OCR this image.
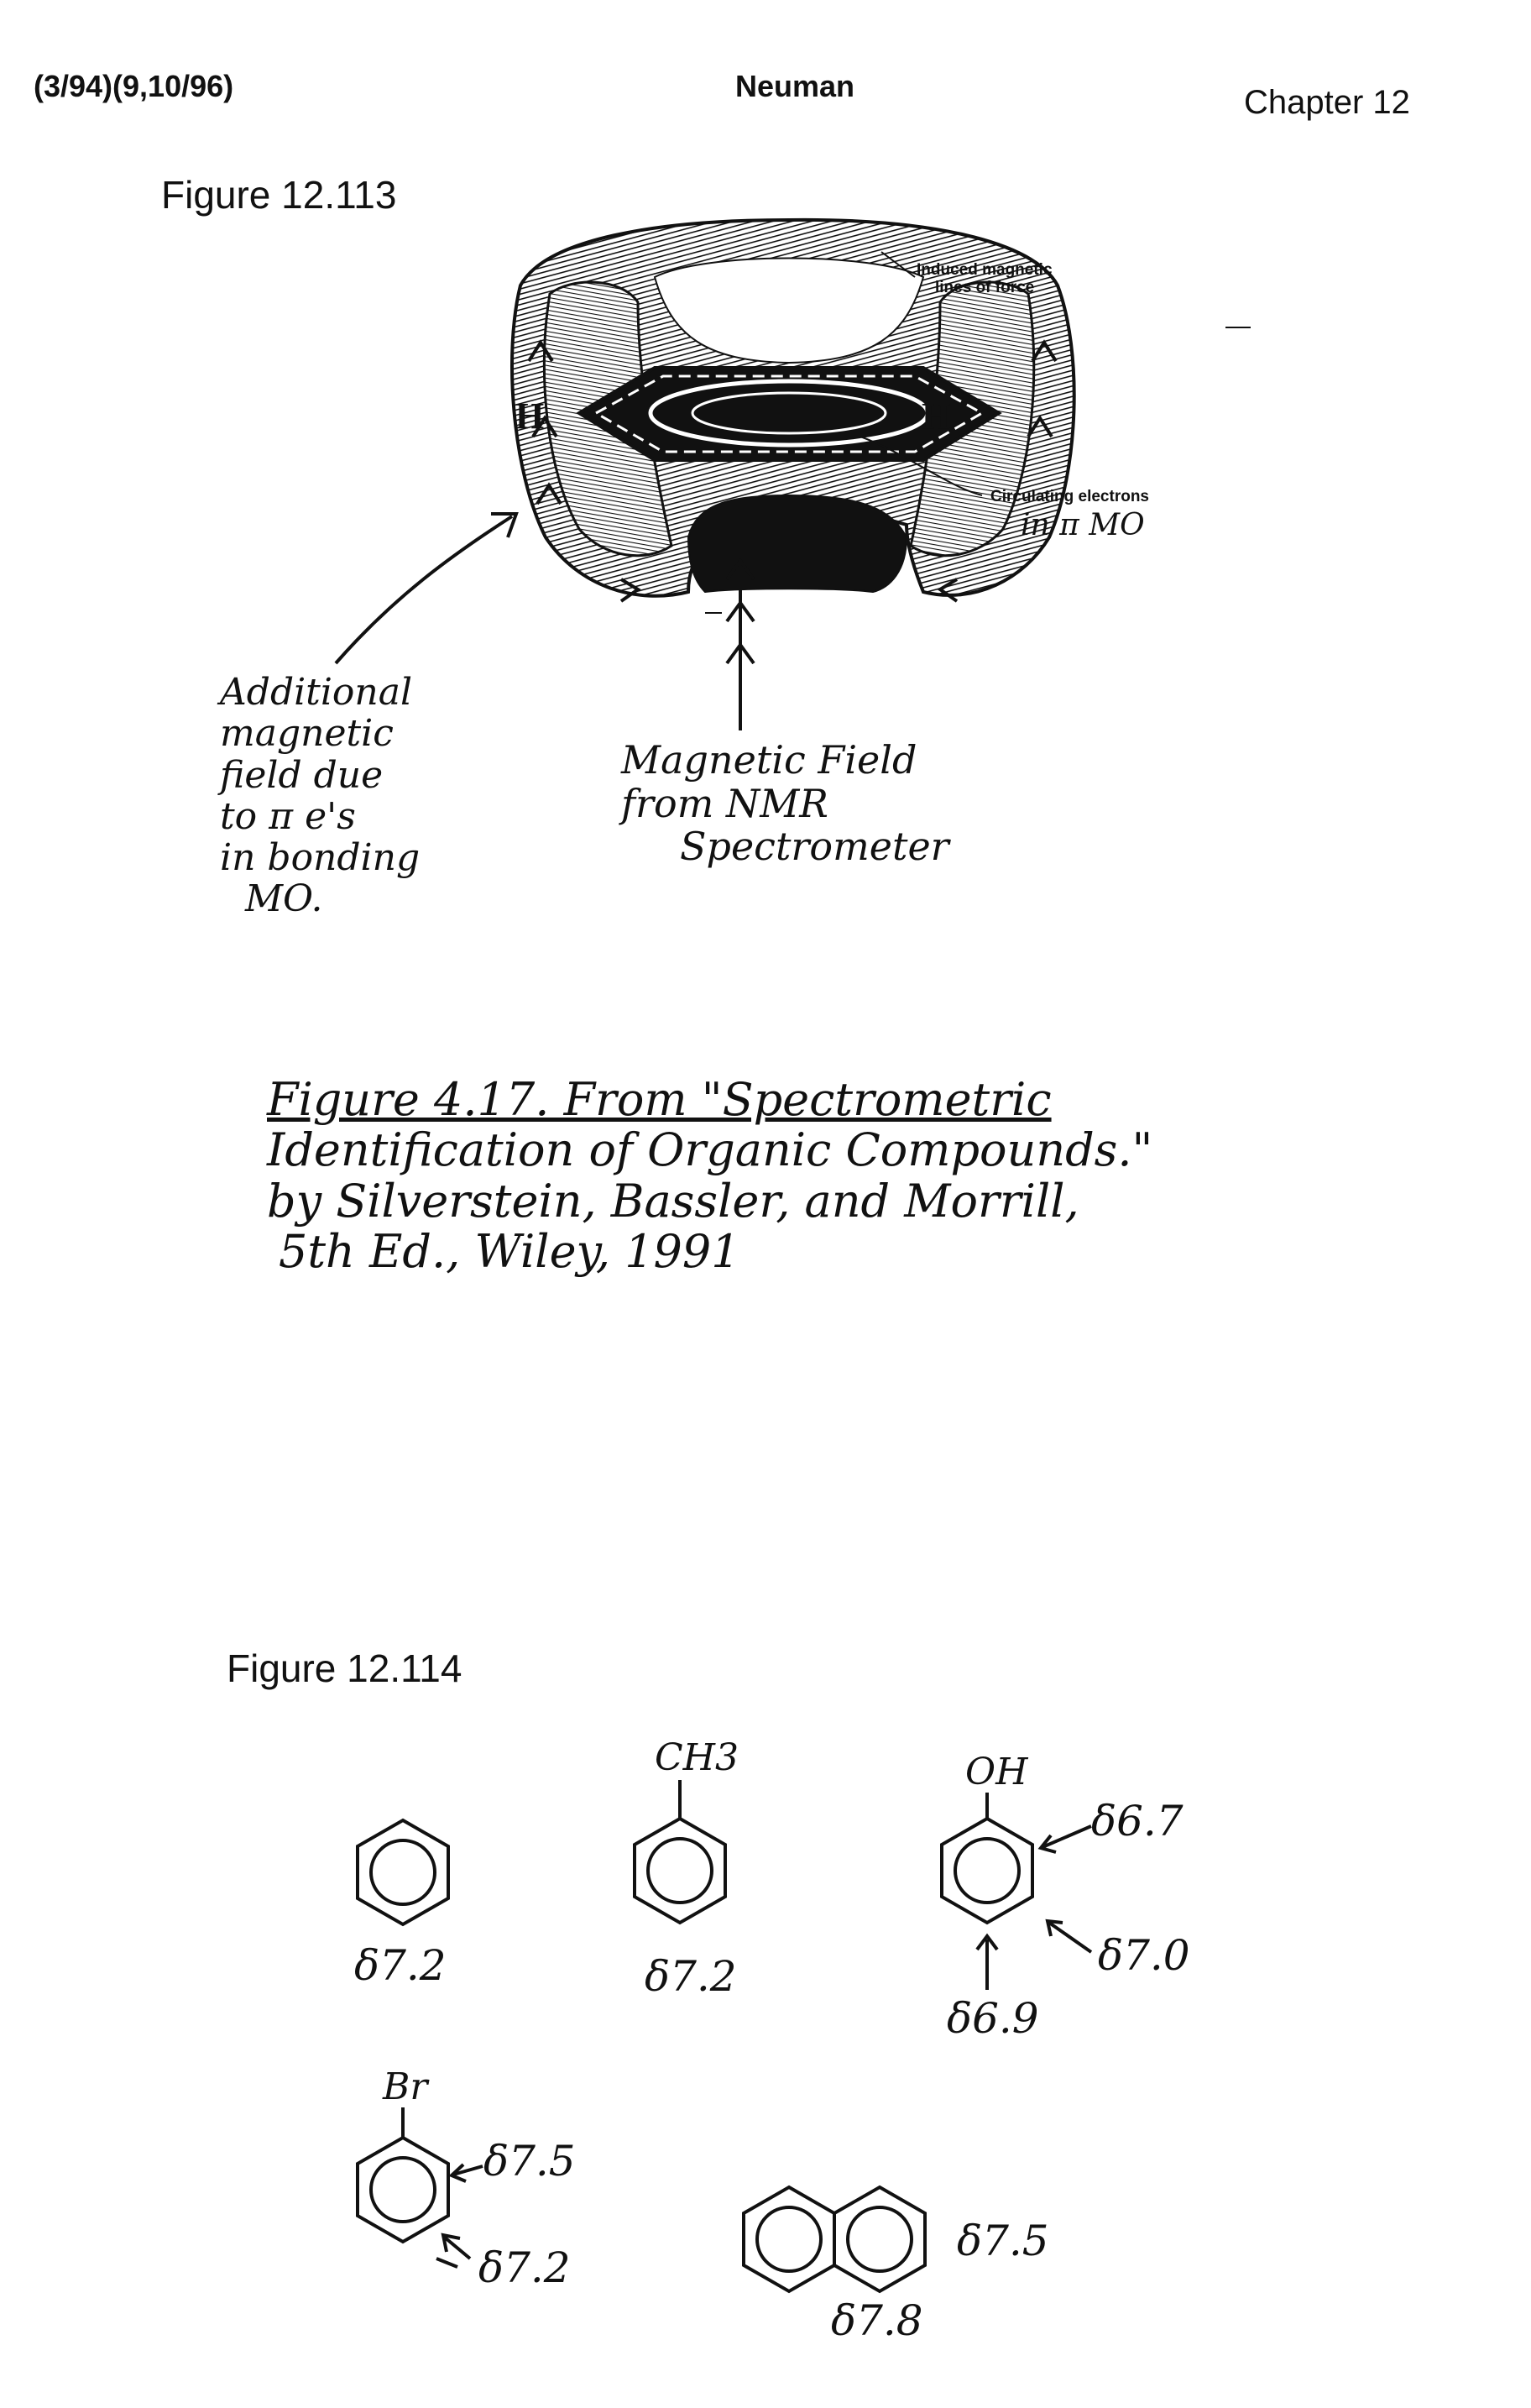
(3/94)(9,10/96)	Neuman	Chapter 12
Figure 12.113
H	H
Induced magnetic
lines of force
Circulating electrons
in π MO
Additional
magnetic
field due
to π e's
in bonding
MO.
Magnetic Field
from NMR
Spectrometer
Figure 4.17. From "Spectrometric
Identification of Organic Compounds."
by Silverstein, Bassler, and Morrill,
5th Ed., Wiley, 1991
Figure 12.114
CH3	OH
Br
δ7.2	δ7.2
δ6.7
δ7.0
δ6.9
δ7.5
δ7.2
δ7.5
δ7.8
